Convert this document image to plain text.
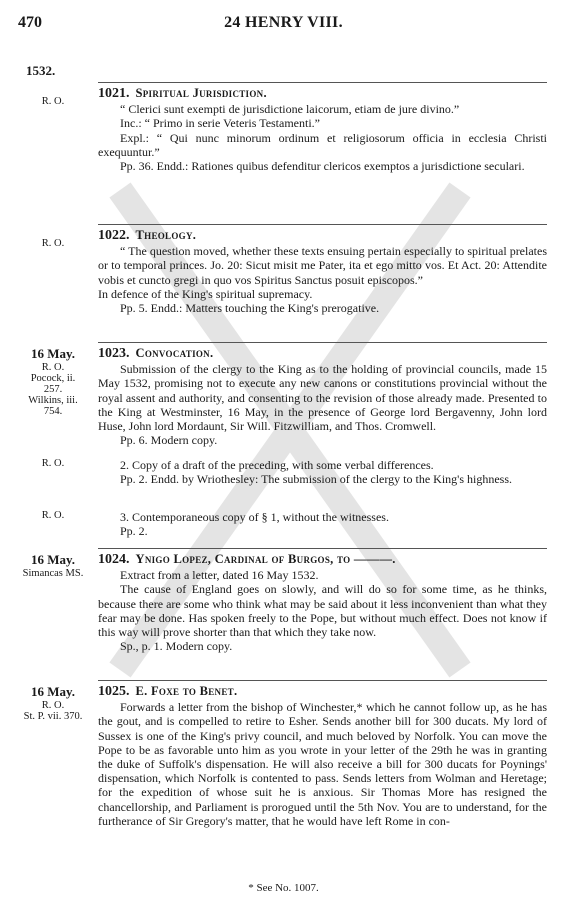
470	24 HENRY VIII.
1532.
R. O.
1021. Spiritual Jurisdiction.
“ Clerici sunt exempti de jurisdictione laicorum, etiam de jure divino.”
Inc.: “ Primo in serie Veteris Testamenti.”
Expl.: “ Qui nunc minorum ordinum et religiosorum officia in ecclesia Christi exequuntur.”
Pp. 36. Endd.: Rationes quibus defenditur clericos exemptos a jurisdictione seculari.
R. O.
1022. Theology.
“ The question moved, whether these texts ensuing pertain especially to spiritual prelates or to temporal princes. Jo. 20: Sicut misit me Pater, ita et ego mitto vos. Et Act. 20: Attendite vobis et cuncto gregi in quo vos Spiritus Sanctus posuit episcopos.”
In defence of the King's spiritual supremacy.
Pp. 5. Endd.: Matters touching the King's prerogative.
16 May.
R. O.
Pocock, ii.
257.
Wilkins, iii.
754.
1023. Convocation.
Submission of the clergy to the King as to the holding of provincial councils, made 15 May 1532, promising not to execute any new canons or constitutions provincial without the royal assent and authority, and consenting to the revision of those already made. Presented to the King at Westminster, 16 May, in the presence of George lord Bergavenny, John lord Huse, John lord Mordaunt, Sir Will. Fitzwilliam, and Thos. Cromwell.
Pp. 6. Modern copy.
R. O.	2. Copy of a draft of the preceding, with some verbal differences.
Pp. 2. Endd. by Wriothesley: The submission of the clergy to the King's highness.
R. O.	3. Contemporaneous copy of § 1, without the witnesses.
Pp. 2.
16 May.
Simancas MS.
1024. Ynigo Lopez, Cardinal of Burgos, to ———.
Extract from a letter, dated 16 May 1532.
The cause of England goes on slowly, and will do so for some time, as he thinks, because there are some who think what may be said about it less inconvenient than what they fear may be done. Has spoken freely to the Pope, but without much effect. Does not know if this way will prove shorter than that which they take now.
Sp., p. 1. Modern copy.
16 May.
R. O.
St. P. vii. 370.
1025. E. Foxe to Benet.
Forwards a letter from the bishop of Winchester,* which he cannot follow up, as he has the gout, and is compelled to retire to Esher. Sends another bill for 300 ducats. My lord of Sussex is one of the King's privy council, and much beloved by Norfolk. You can move the Pope to be as favorable unto him as you wrote in your letter of the 29th he was in granting the duke of Suffolk's dispensation. He will also receive a bill for 300 ducats for Poynings' dispensation, which Norfolk is contented to pass. Sends letters from Wolman and Heretage; for the expedition of whose suit he is anxious. Sir Thomas More has resigned the chancellorship, and Parliament is prorogued until the 5th Nov. You are to understand, for the furtherance of Sir Gregory's matter, that he would have left Rome in con-
* See No. 1007.
